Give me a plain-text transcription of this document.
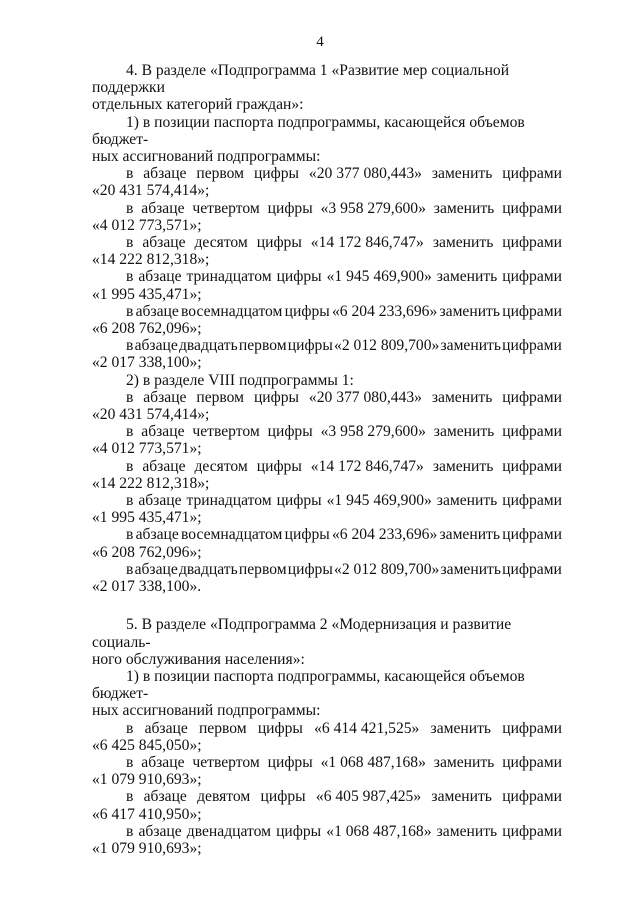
4

4. В разделе «Подпрограмма 1 «Развитие мер социальной поддержки

отдельных категорий граждан»:

1) в позиции паспорта подпрограммы, касающейся объемов бюджет-

ных ассигнований подпрограммы:

в абзаце первом цифры «20 377 080,443» заменить цифрами

«20 431 574,414»;

в абзаце четвертом цифры «3 958 279,600» заменить цифрами

«4 012 773,571»;

в абзаце десятом цифры «14 172 846,747» заменить цифрами

«14 222 812,318»;

в абзаце тринадцатом цифры «1 945 469,900» заменить цифрами

«1 995 435,471»;

в абзаце восемнадцатом цифры «6 204 233,696» заменить цифрами

«6 208 762,096»;

в абзаце двадцать первом цифры «2 012 809,700» заменить цифрами

«2 017 338,100»;

2) в разделе VIII подпрограммы 1:

в абзаце первом цифры «20 377 080,443» заменить цифрами

«20 431 574,414»;

в абзаце четвертом цифры «3 958 279,600» заменить цифрами

«4 012 773,571»;

в абзаце десятом цифры «14 172 846,747» заменить цифрами

«14 222 812,318»;

в абзаце тринадцатом цифры «1 945 469,900» заменить цифрами

«1 995 435,471»;

в абзаце восемнадцатом цифры «6 204 233,696» заменить цифрами

«6 208 762,096»;

в абзаце двадцать первом цифры «2 012 809,700» заменить цифрами

«2 017 338,100».

5. В разделе «Подпрограмма 2 «Модернизация и развитие социаль-

ного обслуживания населения»:

1) в позиции паспорта подпрограммы, касающейся объемов бюджет-

ных ассигнований подпрограммы:

в абзаце первом цифры «6 414 421,525» заменить цифрами

«6 425 845,050»;

в абзаце четвертом цифры «1 068 487,168» заменить цифрами

«1 079 910,693»;

в абзаце девятом цифры «6 405 987,425» заменить цифрами

«6 417 410,950»;

в абзаце двенадцатом цифры «1 068 487,168» заменить цифрами

«1 079 910,693»;
